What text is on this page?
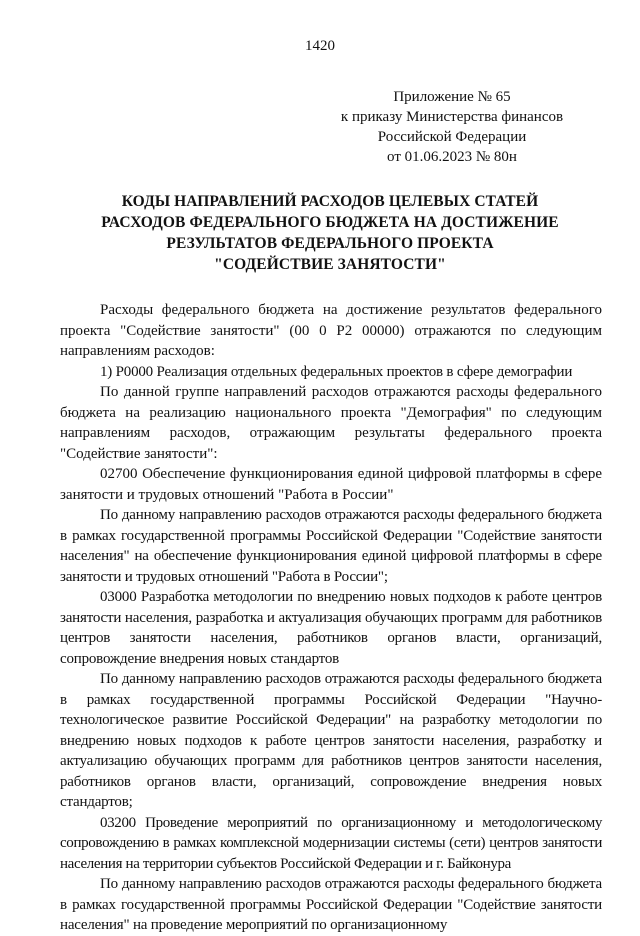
1420
Приложение № 65
к приказу Министерства финансов
Российской Федерации
от 01.06.2023 № 80н
КОДЫ НАПРАВЛЕНИЙ РАСХОДОВ ЦЕЛЕВЫХ СТАТЕЙ
РАСХОДОВ ФЕДЕРАЛЬНОГО БЮДЖЕТА НА ДОСТИЖЕНИЕ
РЕЗУЛЬТАТОВ ФЕДЕРАЛЬНОГО ПРОЕКТА
"СОДЕЙСТВИЕ ЗАНЯТОСТИ"

Расходы федерального бюджета на достижение результатов федерального проекта "Содействие занятости" (00 0 Р2 00000) отражаются по следующим направлениям расходов:

1) Р0000 Реализация отдельных федеральных проектов в сфере демографии

По данной группе направлений расходов отражаются расходы федерального бюджета на реализацию национального проекта "Демография" по следующим направлениям расходов, отражающим результаты федерального проекта "Содействие занятости":

02700 Обеспечение функционирования единой цифровой платформы в сфере занятости и трудовых отношений "Работа в России"

По данному направлению расходов отражаются расходы федерального бюджета в рамках государственной программы Российской Федерации "Содействие занятости населения" на обеспечение функционирования единой цифровой платформы в сфере занятости и трудовых отношений "Работа в России";

03000 Разработка методологии по внедрению новых подходов к работе центров занятости населения, разработка и актуализация обучающих программ для работников центров занятости населения, работников органов власти, организаций, сопровождение внедрения новых стандартов

По данному направлению расходов отражаются расходы федерального бюджета в рамках государственной программы Российской Федерации "Научно-технологическое развитие Российской Федерации" на разработку методологии по внедрению новых подходов к работе центров занятости населения, разработку и актуализацию обучающих программ для работников центров занятости населения, работников органов власти, организаций, сопровождение внедрения новых стандартов;

03200 Проведение мероприятий по организационному и методологическому сопровождению в рамках комплексной модернизации системы (сети) центров занятости населения на территории субъектов Российской Федерации и г. Байконура

По данному направлению расходов отражаются расходы федерального бюджета в рамках государственной программы Российской Федерации "Содействие занятости населения" на проведение мероприятий по организационному
